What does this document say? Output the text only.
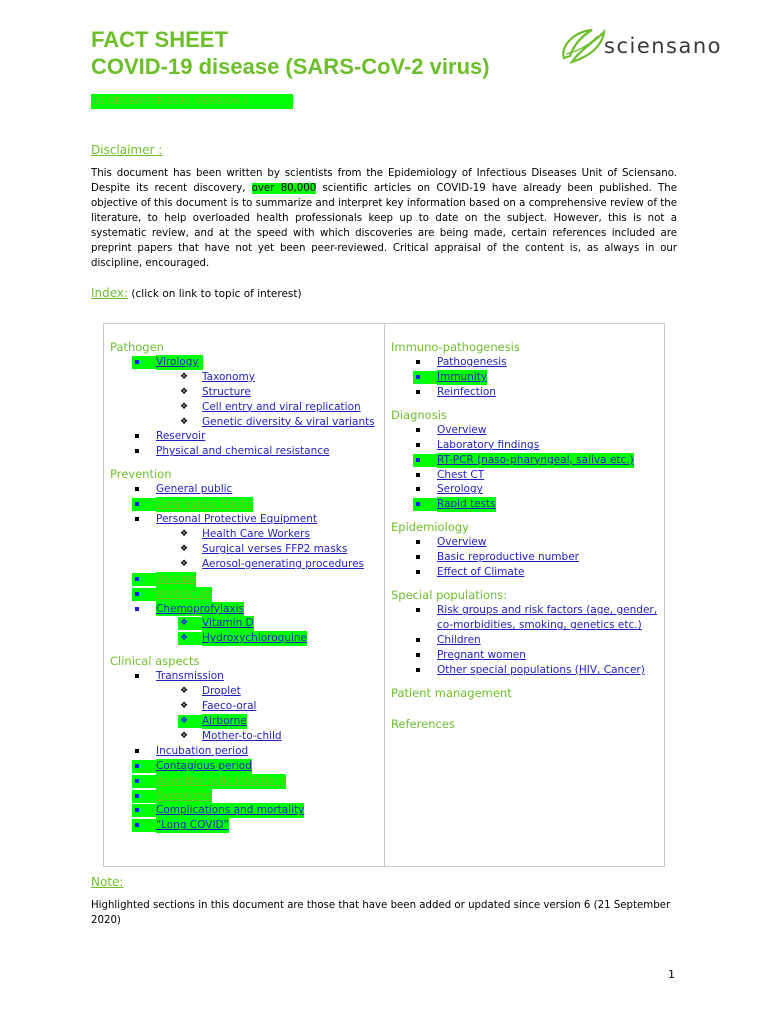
FACT SHEET
COVID-19 disease (SARS-CoV-2 virus)
sciensano
22 DECEMBER 2020, VERSION 7
Disclaimer :
This document has been written by scientists from the Epidemiology of Infectious Diseases Unit of Sciensano. Despite its recent discovery, over 80,000 scientific articles on COVID-19 have already been published. The objective of this document is to summarize and interpret key information based on a comprehensive review of the literature, to help overloaded health professionals keep up to date on the subject. However, this is not a systematic review, and at the speed with which discoveries are being made, certain references included are preprint papers that have not yet been peer-reviewed. Critical appraisal of the content is, as always in our discipline, encouraged.
Index: (click on link to topic of interest)
Pathogen
Virology
❖ Taxonomy
❖ Structure
❖ Cell entry and viral replication
❖ Genetic diversity & viral variants
Reservoir
Physical and chemical resistance
Prevention
General public
Community Masks
Personal Protective Equipment
❖ Health Care Workers
❖ Surgical verses FFP2 masks
❖ Aerosol-generating procedures
Vaccine
Ventilation
Chemoprofylaxis
❖ Vitamin D
❖ Hydroxychloroquine
Clinical aspects
Transmission
❖ Droplet
❖ Faeco-oral
❖ Airborne
❖ Mother-to-child
Incubation period
Contagious period
Asymptomatic infections
Symptoms
Complications and mortality
“Long COVID”
Immuno-pathogenesis
Pathogenesis
Immunity
Reinfection
Diagnosis
Overview
Laboratory findings
RT-PCR (naso-pharyngeal, saliva etc.)
Chest CT
Serology
Rapid tests
Epidemiology
Overview
Basic reproductive number
Effect of Climate
Special populations:
Risk groups and risk factors (age, gender,
co-morbidities, smoking, genetics etc.)
Children
Pregnant women
Other special populations (HIV, Cancer)
Patient management
References
Note:
Highlighted sections in this document are those that have been added or updated since version 6 (21 September 2020)
1
